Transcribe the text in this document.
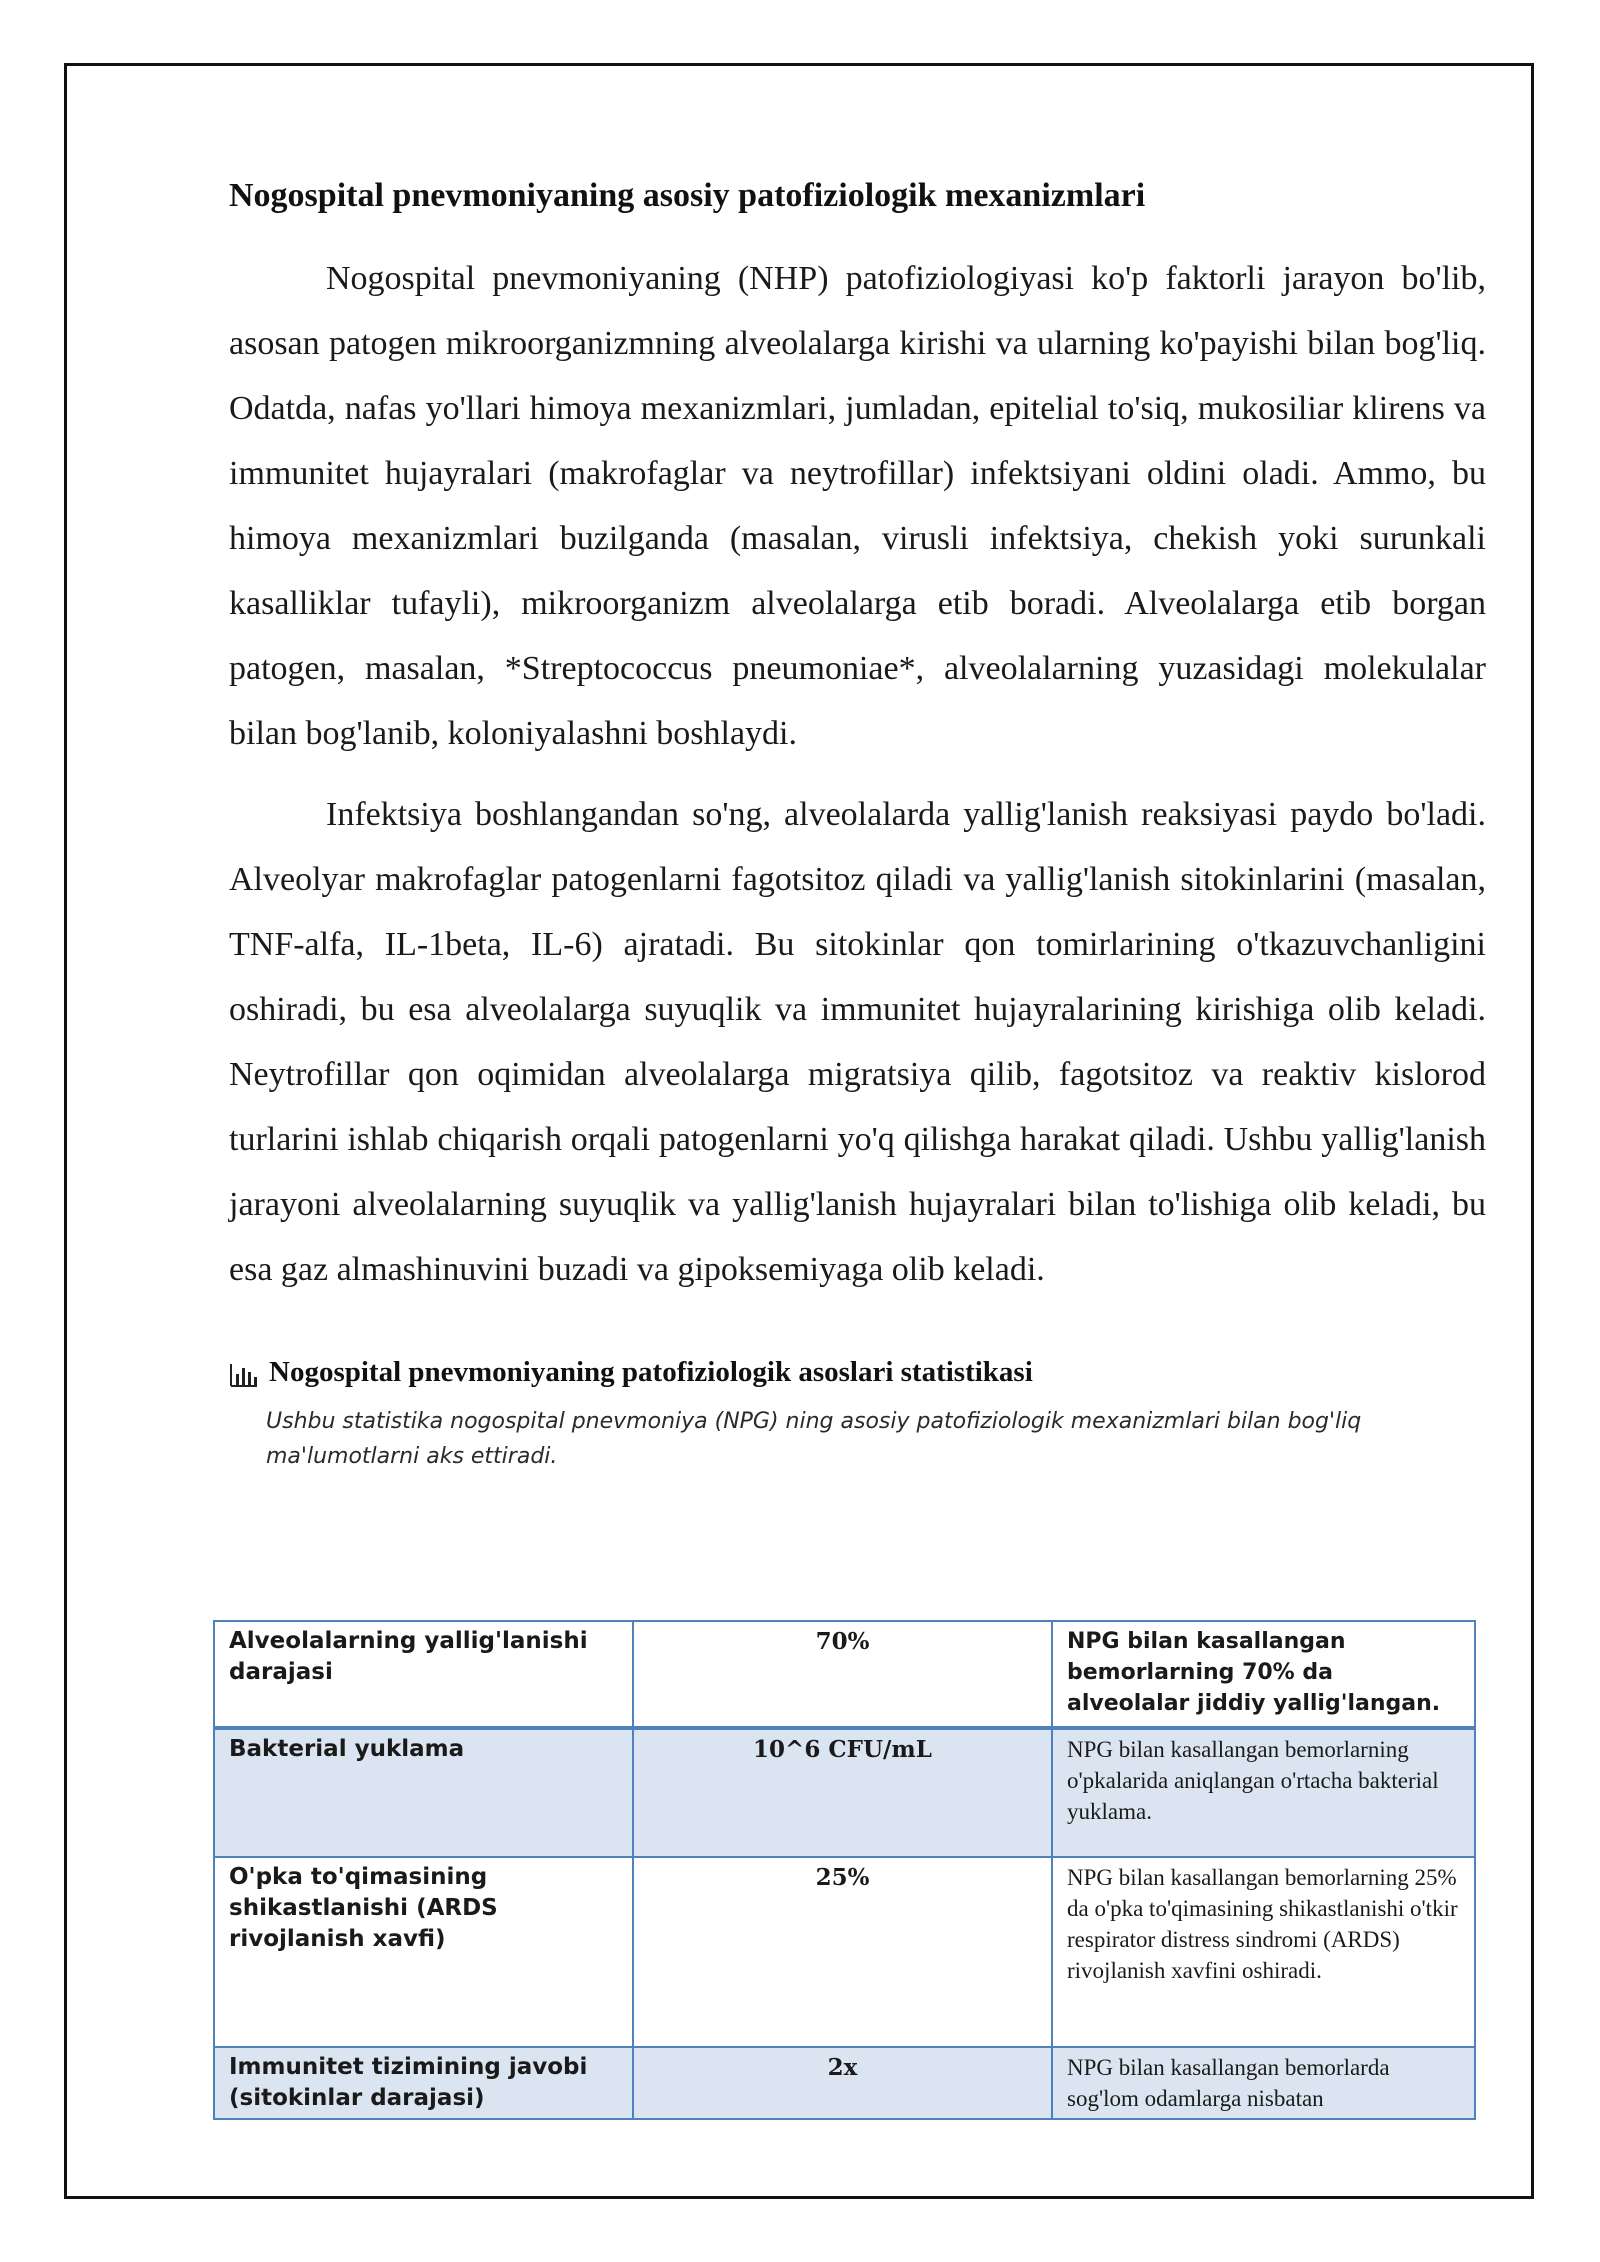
Nogospital pnevmoniyaning asosiy patofiziologik mexanizmlari

Nogospital pnevmoniyaning (NHP) patofiziologiyasi ko'p faktorli jarayon bo'lib, asosan patogen mikroorganizmning alveolalarga kirishi va ularning ko'payishi bilan bog'liq. Odatda, nafas yo'llari himoya mexanizmlari, jumladan, epitelial to'siq, mukosiliar klirens va immunitet hujayralari (makrofaglar va neytrofillar) infektsiyani oldini oladi. Ammo, bu himoya mexanizmlari buzilganda (masalan, virusli infektsiya, chekish yoki surunkali kasalliklar tufayli), mikroorganizm alveolalarga etib boradi. Alveolalarga etib borgan patogen, masalan, *Streptococcus pneumoniae*, alveolalarning yuzasidagi molekulalar bilan bog'lanib, koloniyalashni boshlaydi.

Infektsiya boshlangandan so'ng, alveolalarda yallig'lanish reaksiyasi paydo bo'ladi. Alveolyar makrofaglar patogenlarni fagotsitoz qiladi va yallig'lanish sitokinlarini (masalan, TNF-alfa, IL-1beta, IL-6) ajratadi. Bu sitokinlar qon tomirlarining o'tkazuvchanligini oshiradi, bu esa alveolalarga suyuqlik va immunitet hujayralarining kirishiga olib keladi. Neytrofillar qon oqimidan alveolalarga migratsiya qilib, fagotsitoz va reaktiv kislorod turlarini ishlab chiqarish orqali patogenlarni yo'q qilishga harakat qiladi. Ushbu yallig'lanish jarayoni alveolalarning suyuqlik va yallig'lanish hujayralari bilan to'lishiga olib keladi, bu esa gaz almashinuvini buzadi va gipoksemiyaga olib keladi.

Nogospital pnevmoniyaning patofiziologik asoslari statistikasi
Ushbu statistika nogospital pnevmoniya (NPG) ning asosiy patofiziologik mexanizmlari bilan bog'liq ma'lumotlarni aks ettiradi.
Alveolalarning yallig'lanishi darajasi	70%	NPG bilan kasallangan bemorlarning 70% da alveolalar jiddiy yallig'langan.
Bakterial yuklama	10^6 CFU/mL	NPG bilan kasallangan bemorlarning o'pkalarida aniqlangan o'rtacha bakterial yuklama.
O'pka to'qimasining shikastlanishi (ARDS rivojlanish xavfi)	25%	NPG bilan kasallangan bemorlarning 25% da o'pka to'qimasining shikastlanishi o'tkir respirator distress sindromi (ARDS) rivojlanish xavfini oshiradi.
Immunitet tizimining javobi (sitokinlar darajasi)	2x	NPG bilan kasallangan bemorlarda sog'lom odamlarga nisbatan
